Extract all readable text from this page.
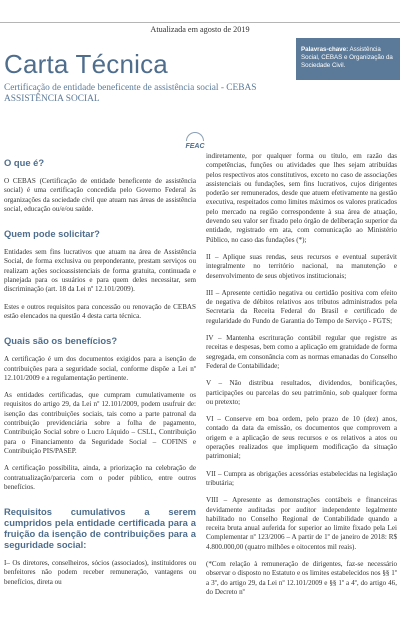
Atualizada em agosto de 2019
Carta Técnica
Certificação de entidade beneficente de assistência social - CEBAS ASSISTÊNCIA SOCIAL
Palavras-chave: Assistência Social, CEBAS e Organização da Sociedade Civil.
FEAC
O que é?

O CEBAS (Certificação de entidade beneficente de assistência social) é uma certificação concedida pelo Governo Federal às organizações da sociedade civil que atuam nas áreas de assistência social, educação ou/e/ou saúde.

Quem pode solicitar?

Entidades sem fins lucrativos que atuam na área de Assistência Social, de forma exclusiva ou preponderante, prestam serviços ou realizam ações socioassistenciais de forma gratuita, continuada e planejada para os usuários e para quem deles necessitar, sem discriminação (art. 18 da Lei nº 12.101/2009).

Estes e outros requisitos para concessão ou renovação de CEBAS estão elencados na questão 4 desta carta técnica.

Quais são os benefícios?

A certificação é um dos documentos exigidos para a isenção de contribuições para a seguridade social, conforme dispõe a Lei nº 12.101/2009 e a regulamentação pertinente.

As entidades certificadas, que cumpram cumulativamente os requisitos do artigo 29, da Lei nº 12.101/2009, podem usufruir de: isenção das contribuições sociais, tais como a parte patronal da contribuição previdenciária sobre a folha de pagamento, Contribuição Social sobre o Lucro Líquido – CSLL, Contribuição para o Financiamento da Seguridade Social – COFINS e Contribuição PIS/PASEP.

A certificação possibilita, ainda, a priorização na celebração de contratualização/parceria com o poder público, entre outros benefícios.

Requisitos cumulativos a serem cumpridos pela entidade certificada para a fruição da isenção de contribuições para a seguridade social:

I– Os diretores, conselheiros, sócios (associados), instituidores ou benfeitores não podem receber remuneração, vantagens ou benefícios, direta ou

indiretamente, por qualquer forma ou título, em razão das competências, funções ou atividades que lhes sejam atribuídas pelos respectivos atos constitutivos, exceto no caso de associações assistenciais ou fundações, sem fins lucrativos, cujos dirigentes poderão ser remunerados, desde que atuem efetivamente na gestão executiva, respeitados como limites máximos os valores praticados pelo mercado na região correspondente à sua área de atuação, devendo seu valor ser fixado pelo órgão de deliberação superior da entidade, registrado em ata, com comunicação ao Ministério Público, no caso das fundações (*);

II – Aplique suas rendas, seus recursos e eventual superávit integralmente no território nacional, na manutenção e desenvolvimento de seus objetivos institucionais;

III – Apresente certidão negativa ou certidão positiva com efeito de negativa de débitos relativos aos tributos administrados pela Secretaria da Receita Federal do Brasil e certificado de regularidade do Fundo de Garantia do Tempo de Serviço - FGTS;

IV – Mantenha escrituração contábil regular que registre as receitas e despesas, bem como a aplicação em gratuidade de forma segregada, em consonância com as normas emanadas do Conselho Federal de Contabilidade;

V – Não distribua resultados, dividendos, bonificações, participações ou parcelas do seu patrimônio, sob qualquer forma ou pretexto;

VI – Conserve em boa ordem, pelo prazo de 10 (dez) anos, contado da data da emissão, os documentos que comprovem a origem e a aplicação de seus recursos e os relativos a atos ou operações realizados que impliquem modificação da situação patrimonial;

VII – Cumpra as obrigações acessórias estabelecidas na legislação tributária;

VIII – Apresente as demonstrações contábeis e financeiras devidamente auditadas por auditor independente legalmente habilitado no Conselho Regional de Contabilidade quando a receita bruta anual auferida for superior ao limite fixado pela Lei Complementar nº 123/2006 – A partir de 1º de janeiro de 2018: R$ 4.800.000,00 (quatro milhões e oitocentos mil reais).

(*Com relação à remuneração de dirigentes, faz-se necessário observar o disposto no Estatuto e os limites estabelecidos nos §§ 1º a 3º, do artigo 29, da Lei nº 12.101/2009 e §§ 1º a 4º, do artigo 46, do Decreto nº
